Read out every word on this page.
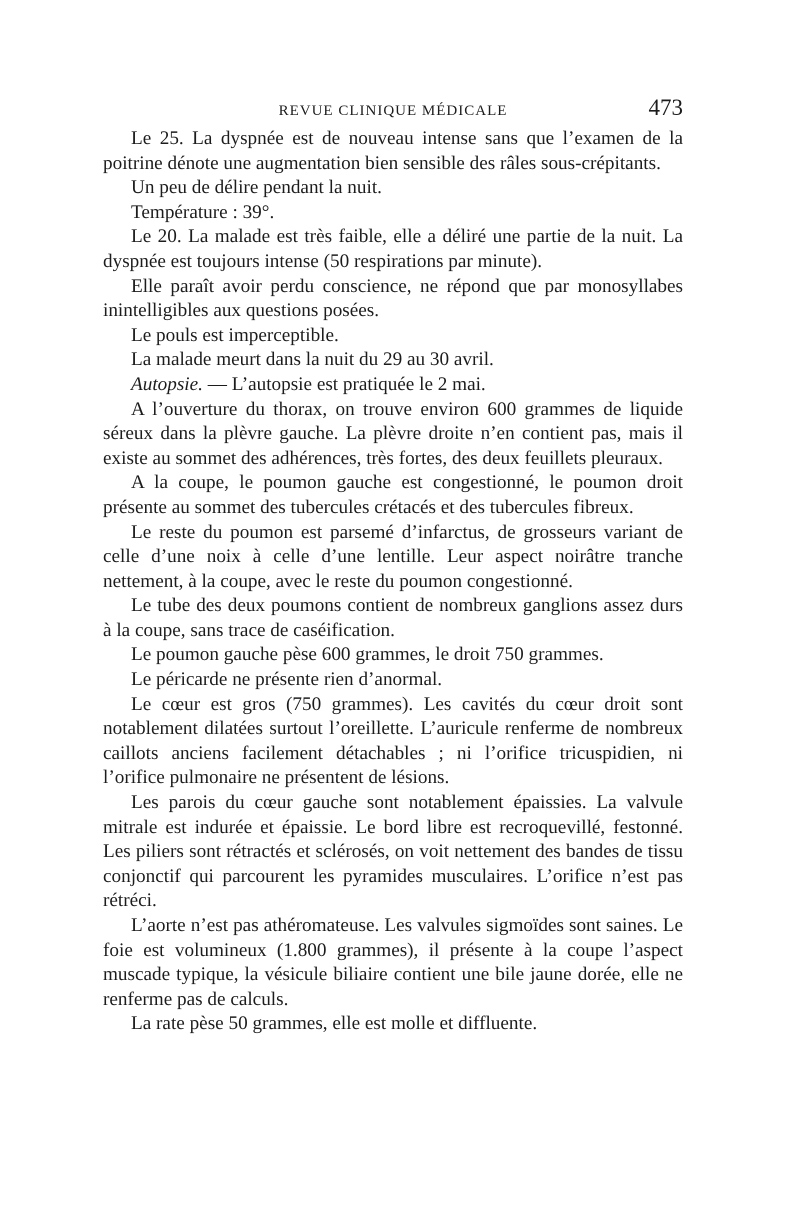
REVUE CLINIQUE MÉDICALE	473

Le 25. La dyspnée est de nouveau intense sans que l’examen de la poitrine dénote une augmentation bien sensible des râles sous-crépitants.

Un peu de délire pendant la nuit.

Température : 39°.

Le 20. La malade est très faible, elle a déliré une partie de la nuit. La dyspnée est toujours intense (50 respirations par minute).

Elle paraît avoir perdu conscience, ne répond que par monosyllabes inintelligibles aux questions posées.

Le pouls est imperceptible.

La malade meurt dans la nuit du 29 au 30 avril.

Autopsie. — L’autopsie est pratiquée le 2 mai.

A l’ouverture du thorax, on trouve environ 600 grammes de liquide séreux dans la plèvre gauche. La plèvre droite n’en contient pas, mais il existe au sommet des adhérences, très fortes, des deux feuillets pleuraux.

A la coupe, le poumon gauche est congestionné, le poumon droit présente au sommet des tubercules crétacés et des tubercules fibreux.

Le reste du poumon est parsemé d’infarctus, de grosseurs variant de celle d’une noix à celle d’une lentille. Leur aspect noirâtre tranche nettement, à la coupe, avec le reste du poumon congestionné.

Le tube des deux poumons contient de nombreux ganglions assez durs à la coupe, sans trace de caséification.

Le poumon gauche pèse 600 grammes, le droit 750 grammes.

Le péricarde ne présente rien d’anormal.

Le cœur est gros (750 grammes). Les cavités du cœur droit sont notablement dilatées surtout l’oreillette. L’auricule renferme de nombreux caillots anciens facilement détachables ; ni l’orifice tricuspidien, ni l’orifice pulmonaire ne présentent de lésions.

Les parois du cœur gauche sont notablement épaissies. La valvule mitrale est indurée et épaissie. Le bord libre est recroquevillé, festonné. Les piliers sont rétractés et sclérosés, on voit nettement des bandes de tissu conjonctif qui parcourent les pyramides musculaires. L’orifice n’est pas rétréci.

L’aorte n’est pas athéromateuse. Les valvules sigmoïdes sont saines. Le foie est volumineux (1.800 grammes), il présente à la coupe l’aspect muscade typique, la vésicule biliaire contient une bile jaune dorée, elle ne renferme pas de calculs.

La rate pèse 50 grammes, elle est molle et diffluente.
